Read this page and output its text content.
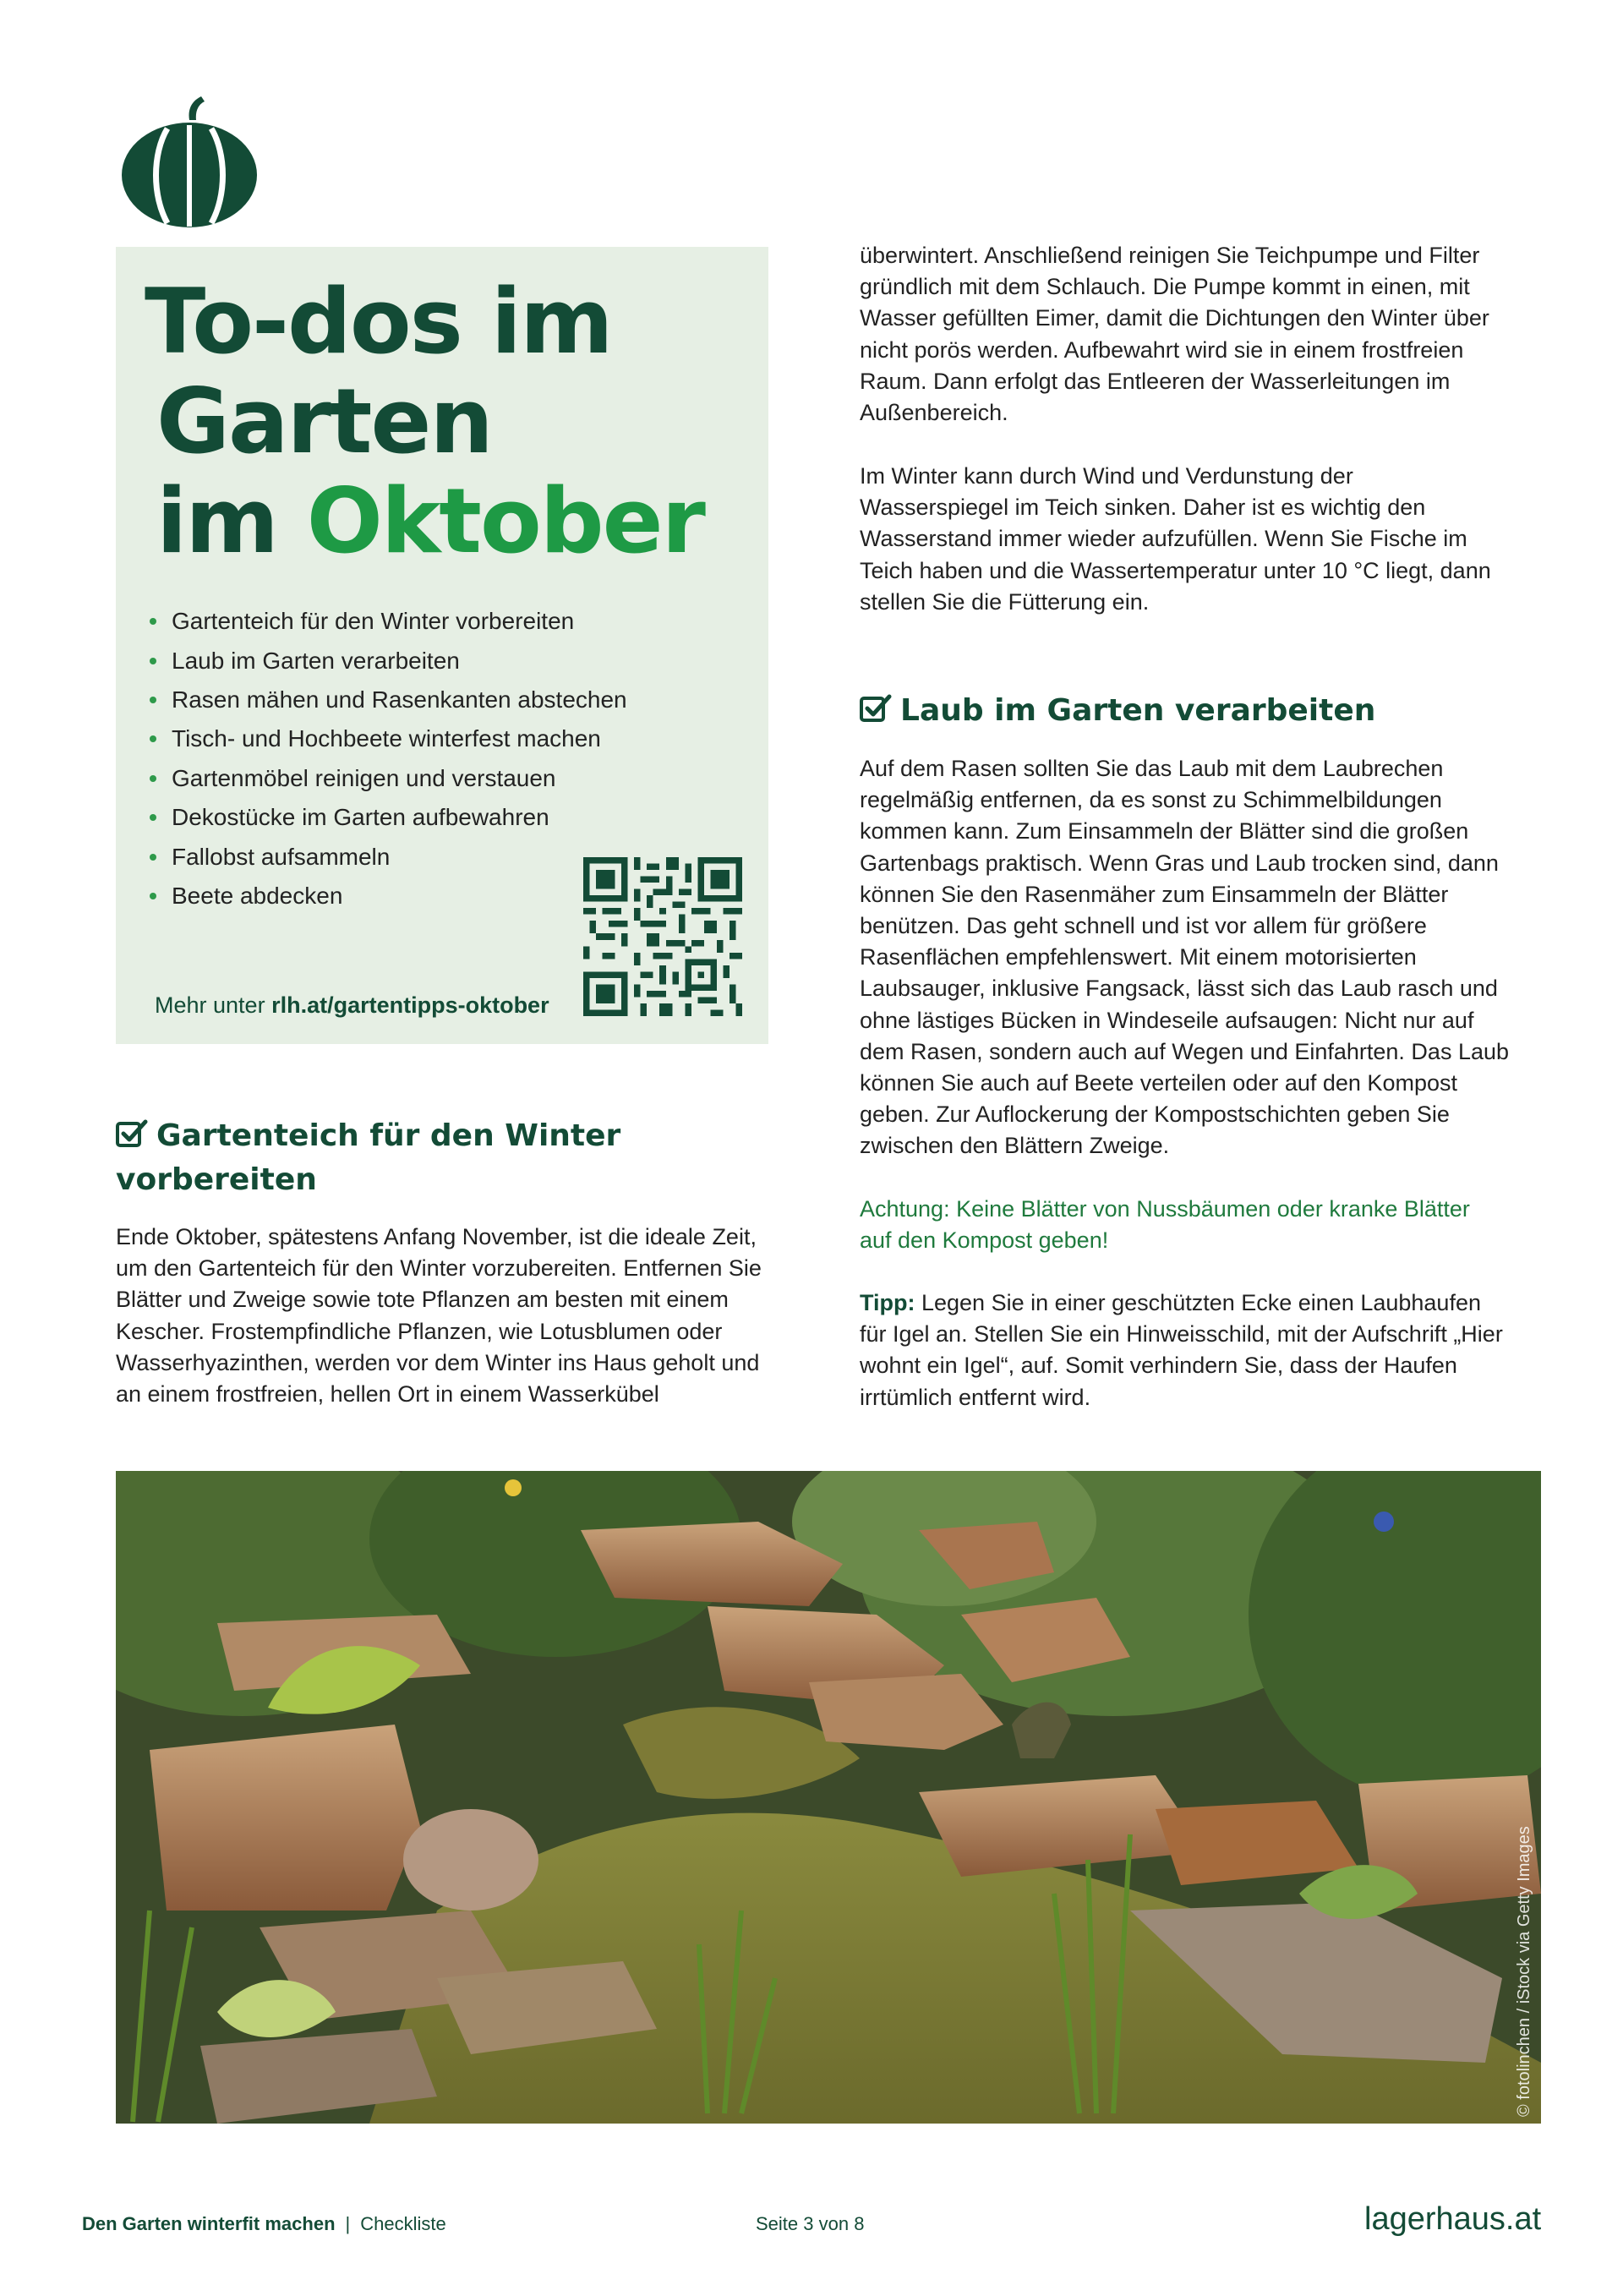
To-dos im
Garten
im Oktober
Gartenteich für den Winter vorbereiten
Laub im Garten verarbeiten
Rasen mähen und Rasenkanten abstechen
Tisch- und Hochbeete winterfest machen
Gartenmöbel reinigen und verstauen
Dekostücke im Garten aufbewahren
Fallobst aufsammeln
Beete abdecken
Mehr unter rlh.at/gartentipps-oktober
Gartenteich für den Winter
vorbereiten

Ende Oktober, spätestens Anfang November, ist die ideale Zeit, um den Gartenteich für den Winter vorzubereiten. Entfernen Sie Blätter und Zweige sowie tote Pflanzen am besten mit einem Kescher. Frostempfindliche Pflanzen, wie Lotusblumen oder Wasserhyazinthen, werden vor dem Winter ins Haus geholt und an einem frostfreien, hellen Ort in einem Wasserkübel

überwintert. Anschließend reinigen Sie Teichpumpe und Filter gründlich mit dem Schlauch. Die Pumpe kommt in einen, mit Wasser gefüllten Eimer, damit die Dichtungen den Winter über nicht porös werden. Aufbewahrt wird sie in einem frostfreien Raum. Dann erfolgt das Entleeren der Wasserleitungen im Außenbereich.

Im Winter kann durch Wind und Verdunstung der Wasserspiegel im Teich sinken. Daher ist es wichtig den Wasserstand immer wieder aufzufüllen. Wenn Sie Fische im Teich haben und die Wassertemperatur unter 10 °C liegt, dann stellen Sie die Fütterung ein.

Laub im Garten verarbeiten

Auf dem Rasen sollten Sie das Laub mit dem Laubrechen regelmäßig entfernen, da es sonst zu Schimmelbildungen kommen kann. Zum Einsammeln der Blätter sind die großen Gartenbags praktisch. Wenn Gras und Laub trocken sind, dann können Sie den Rasenmäher zum Einsammeln der Blätter benützen. Das geht schnell und ist vor allem für größere Rasenflächen empfehlenswert. Mit einem motorisierten Laubsauger, inklusive Fangsack, lässt sich das Laub rasch und ohne lästiges Bücken in Windeseile aufsaugen: Nicht nur auf dem Rasen, sondern auch auf Wegen und Einfahrten. Das Laub können Sie auch auf Beete verteilen oder auf den Kompost geben. Zur Auflockerung der Kompostschichten geben Sie zwischen den Blättern Zweige.

Achtung: Keine Blätter von Nussbäumen oder kranke Blätter auf den Kompost geben!

Tipp: Legen Sie in einer geschützten Ecke einen Laubhaufen für Igel an. Stellen Sie ein Hinweisschild, mit der Aufschrift „Hier wohnt ein Igel“, auf. Somit verhindern Sie, dass der Haufen irrtümlich entfernt wird.

© fotolinchen / iStock via Getty Images
Den Garten winterfit machen | Checkliste	Seite 3 von 8	lagerhaus.at
